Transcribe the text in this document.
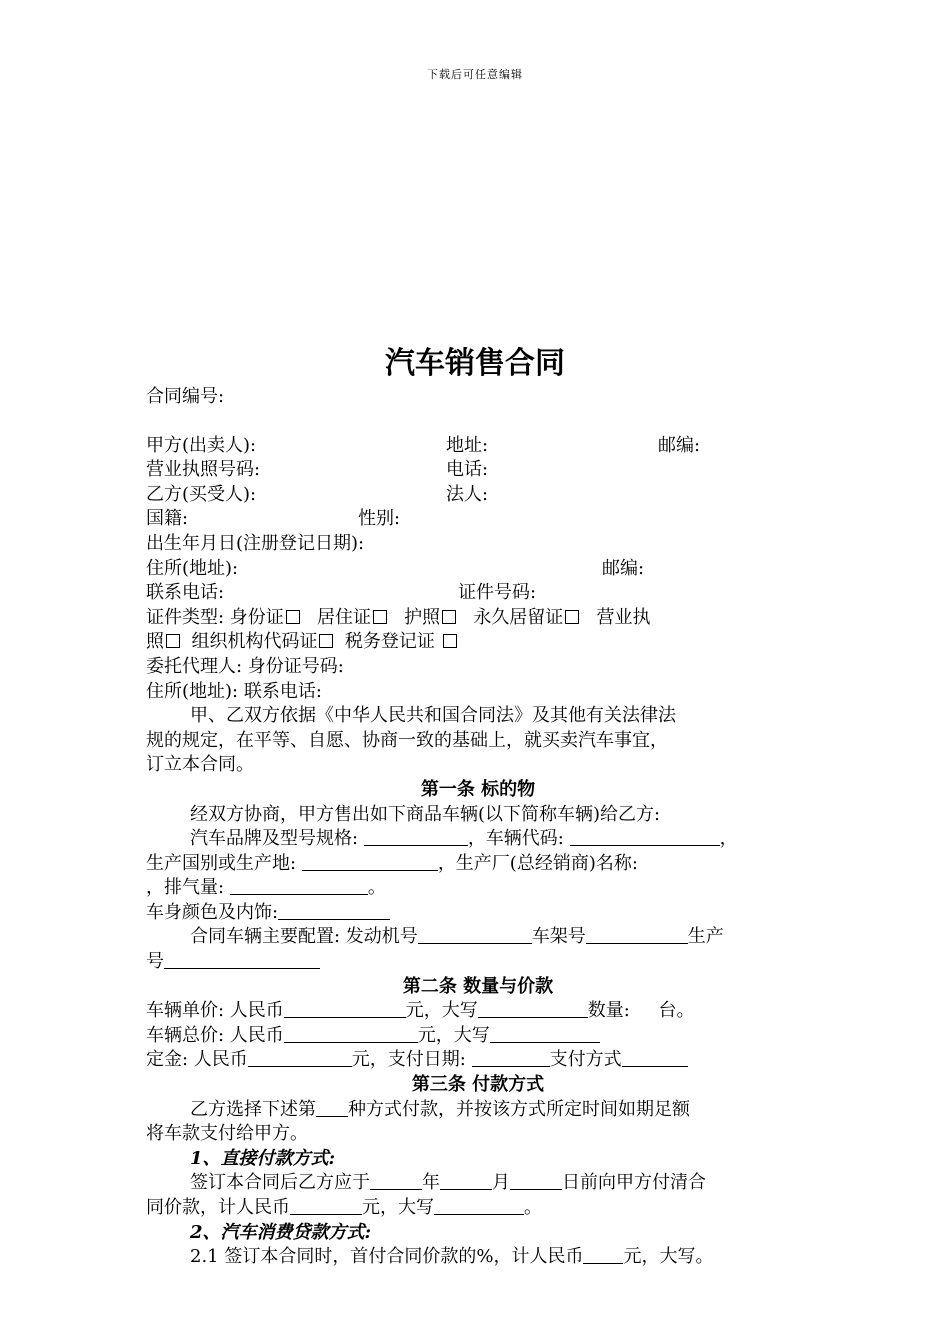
下载后可任意编辑
汽车销售合同
合同编号:
甲方(出卖人):	地址:	邮编:
营业执照号码:	电话:
乙方(买受人):	法人:
国籍:	性别:
出生年月日(注册登记日期):
住所(地址):	邮编:
联系电话:	证件号码:
证件类型: 身份证 居住证 护照 永久居留证 营业执
照 组织机构代码证 税务登记证
委托代理人: 身份证号码:
住所(地址): 联系电话:
甲、乙双方依据《中华人民共和国合同法》及其他有关法律法
规的规定，在平等、自愿、协商一致的基础上，就买卖汽车事宜，
订立本合同。
第一条 标的物
经双方协商，甲方售出如下商品车辆(以下简称车辆)给乙方:
汽车品牌及型号规格:	，车辆代码:	，
生产国别或生产地:	，生产厂(总经销商)名称:
，排气量:	。
车身颜色及内饰:
合同车辆主要配置: 发动机号	车架号	生产
号
第二条 数量与价款
车辆单价: 人民币	元，大写	数量: 台。
车辆总价: 人民币	元，大写
定金: 人民币	元，支付日期:	支付方式
第三条 付款方式
乙方选择下述第 种方式付款，并按该方式所定时间如期足额
将车款支付给甲方。
1、直接付款方式:
签订本合同后乙方应于	年	月	日前向甲方付清合
同价款，计人民币	元，大写	。
2、汽车消费贷款方式:
2.1 签订本合同时，首付合同价款的%，计人民币 元，大写。
